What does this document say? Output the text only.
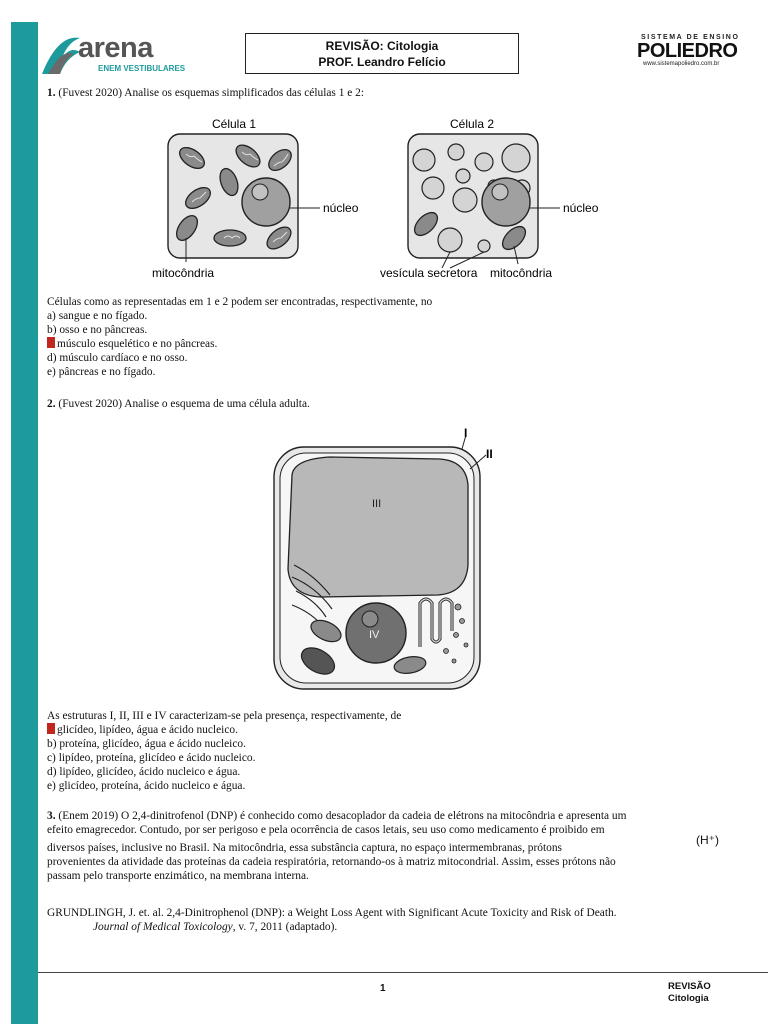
arena
ENEM VESTIBULARES
REVISÃO: Citologia
PROF. Leandro Felício
SISTEMA DE ENSINO
POLIEDRO
www.sistemapoliedro.com.br
1. (Fuvest 2020) Analise os esquemas simplificados das células 1 e 2:
Célula 1
núcleo
mitocôndria
Célula 2
núcleo
vesícula secretora mitocôndria

Células como as representadas em 1 e 2 podem ser encontradas, respectivamente, no

a) sangue e no fígado.

b) osso e no pâncreas.

músculo esquelético e no pâncreas.

d) músculo cardíaco e no osso.

e) pâncreas e no fígado.

2. (Fuvest 2020) Analise o esquema de uma célula adulta.
III
I
II
IV

As estruturas I, II, III e IV caracterizam-se pela presença, respectivamente, de

glicídeo, lipídeo, água e ácido nucleico.

b) proteína, glicídeo, água e ácido nucleico.

c) lipídeo, proteína, glicídeo e ácido nucleico.

d) lipídeo, glicídeo, ácido nucleico e água.

e) glicídeo, proteína, ácido nucleico e água.

3. (Enem 2019) O 2,4-dinitrofenol (DNP) é conhecido como desacoplador da cadeia de elétrons na mitocôndria e apresenta um

efeito emagrecedor. Contudo, por ser perigoso e pela ocorrência de casos letais, seu uso como medicamento é proibido em

diversos países, inclusive no Brasil. Na mitocôndria, essa substância captura, no espaço intermembranas, prótons
(H⁺)

provenientes da atividade das proteínas da cadeia respiratória, retornando-os à matriz mitocondrial. Assim, esses prótons não

passam pelo transporte enzimático, na membrana interna.

GRUNDLINGH, J. et. al. 2,4-Dinitrophenol (DNP): a Weight Loss Agent with Significant Acute Toxicity and Risk of Death.

Journal of Medical Toxicology, v. 7, 2011 (adaptado).

1	REVISÃO
Citologia
